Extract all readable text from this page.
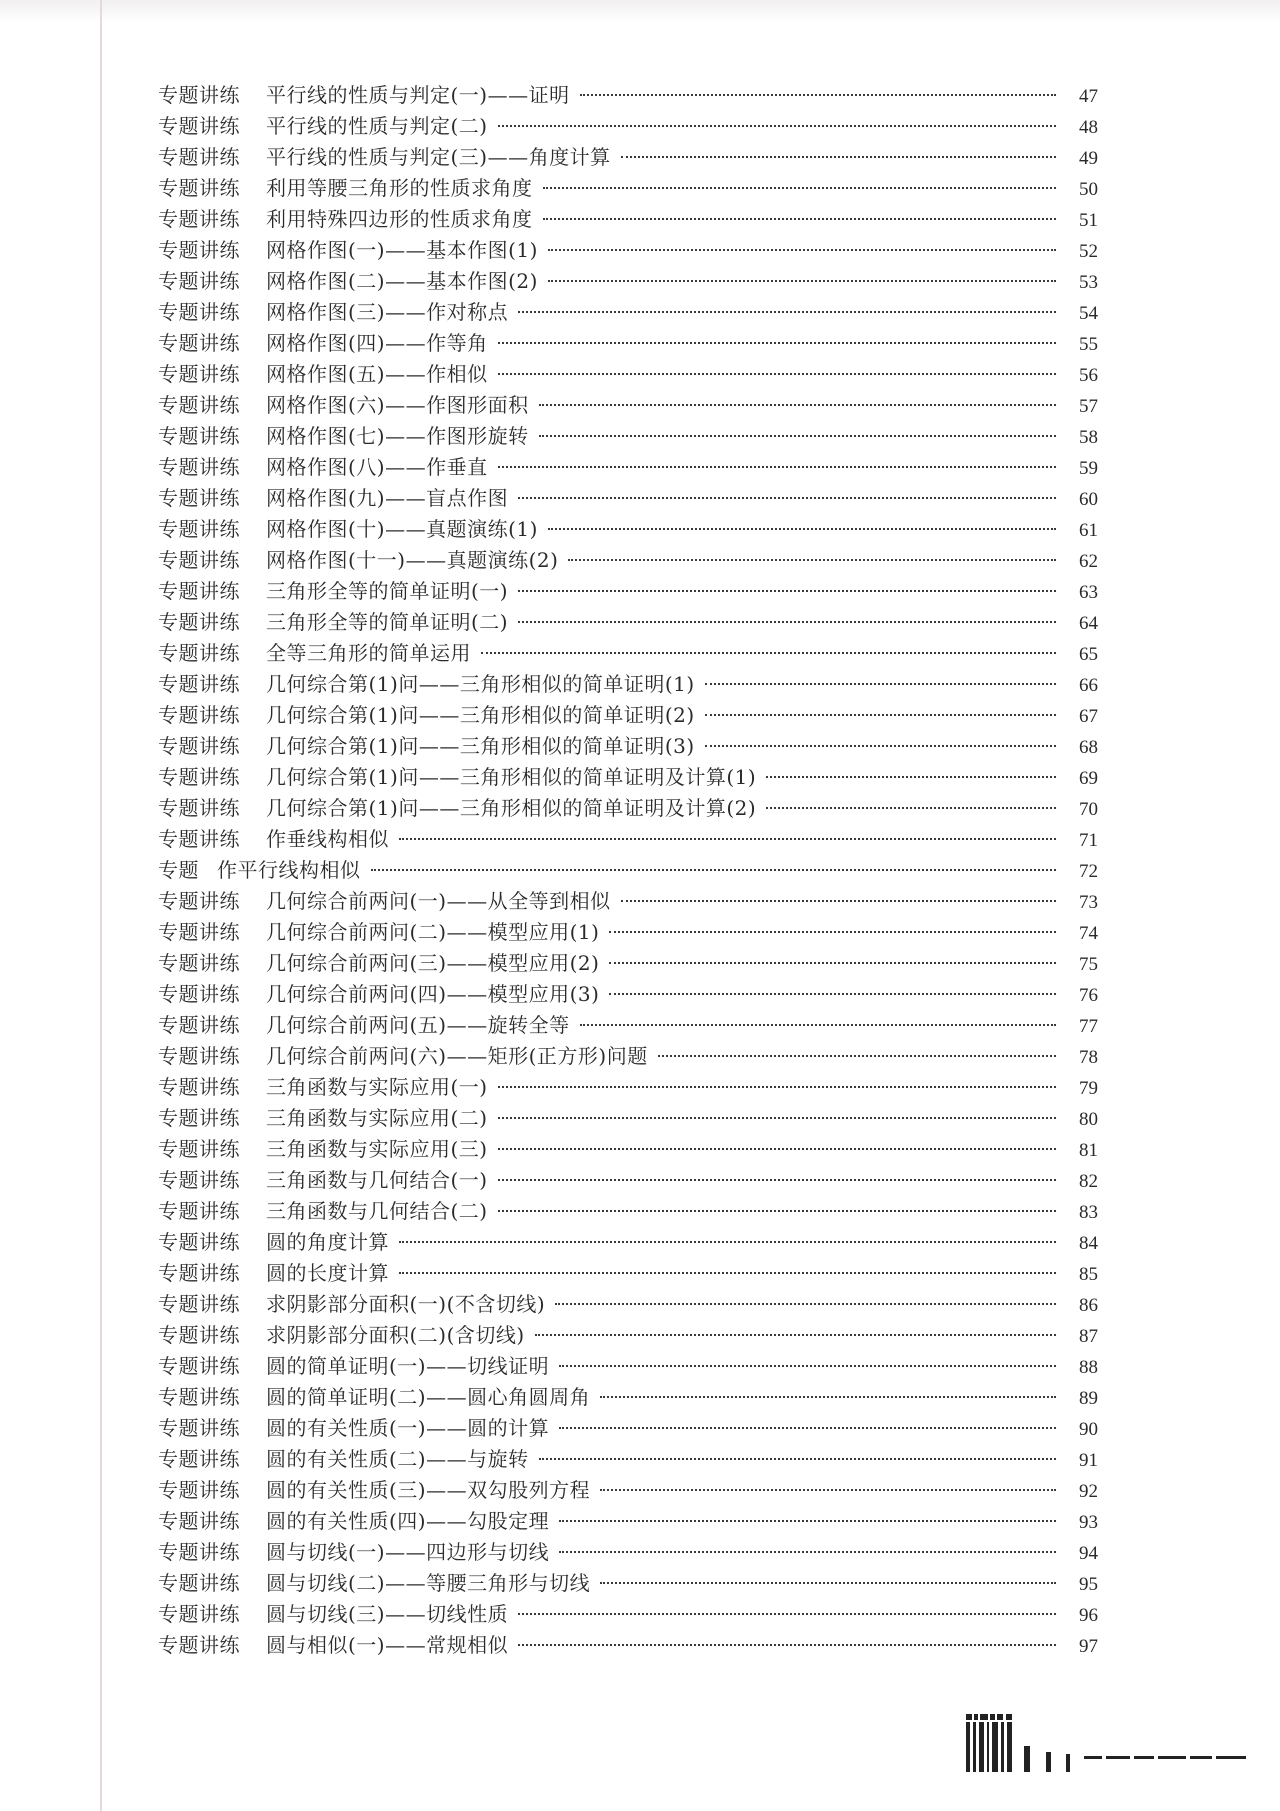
专题讲练 平行线的性质与判定(一)——证明	47
专题讲练 平行线的性质与判定(二)	48
专题讲练 平行线的性质与判定(三)——角度计算	49
专题讲练 利用等腰三角形的性质求角度	50
专题讲练 利用特殊四边形的性质求角度	51
专题讲练 网格作图(一)——基本作图(1)	52
专题讲练 网格作图(二)——基本作图(2)	53
专题讲练 网格作图(三)——作对称点	54
专题讲练 网格作图(四)——作等角	55
专题讲练 网格作图(五)——作相似	56
专题讲练 网格作图(六)——作图形面积	57
专题讲练 网格作图(七)——作图形旋转	58
专题讲练 网格作图(八)——作垂直	59
专题讲练 网格作图(九)——盲点作图	60
专题讲练 网格作图(十)——真题演练(1)	61
专题讲练 网格作图(十一)——真题演练(2)	62
专题讲练 三角形全等的简单证明(一)	63
专题讲练 三角形全等的简单证明(二)	64
专题讲练 全等三角形的简单运用	65
专题讲练 几何综合第(1)问——三角形相似的简单证明(1)	66
专题讲练 几何综合第(1)问——三角形相似的简单证明(2)	67
专题讲练 几何综合第(1)问——三角形相似的简单证明(3)	68
专题讲练 几何综合第(1)问——三角形相似的简单证明及计算(1)	69
专题讲练 几何综合第(1)问——三角形相似的简单证明及计算(2)	70
专题讲练 作垂线构相似	71
专题 作平行线构相似	72
专题讲练 几何综合前两问(一)——从全等到相似	73
专题讲练 几何综合前两问(二)——模型应用(1)	74
专题讲练 几何综合前两问(三)——模型应用(2)	75
专题讲练 几何综合前两问(四)——模型应用(3)	76
专题讲练 几何综合前两问(五)——旋转全等	77
专题讲练 几何综合前两问(六)——矩形(正方形)问题	78
专题讲练 三角函数与实际应用(一)	79
专题讲练 三角函数与实际应用(二)	80
专题讲练 三角函数与实际应用(三)	81
专题讲练 三角函数与几何结合(一)	82
专题讲练 三角函数与几何结合(二)	83
专题讲练 圆的角度计算	84
专题讲练 圆的长度计算	85
专题讲练 求阴影部分面积(一)(不含切线)	86
专题讲练 求阴影部分面积(二)(含切线)	87
专题讲练 圆的简单证明(一)——切线证明	88
专题讲练 圆的简单证明(二)——圆心角圆周角	89
专题讲练 圆的有关性质(一)——圆的计算	90
专题讲练 圆的有关性质(二)——与旋转	91
专题讲练 圆的有关性质(三)——双勾股列方程	92
专题讲练 圆的有关性质(四)——勾股定理	93
专题讲练 圆与切线(一)——四边形与切线	94
专题讲练 圆与切线(二)——等腰三角形与切线	95
专题讲练 圆与切线(三)——切线性质	96
专题讲练 圆与相似(一)——常规相似	97
